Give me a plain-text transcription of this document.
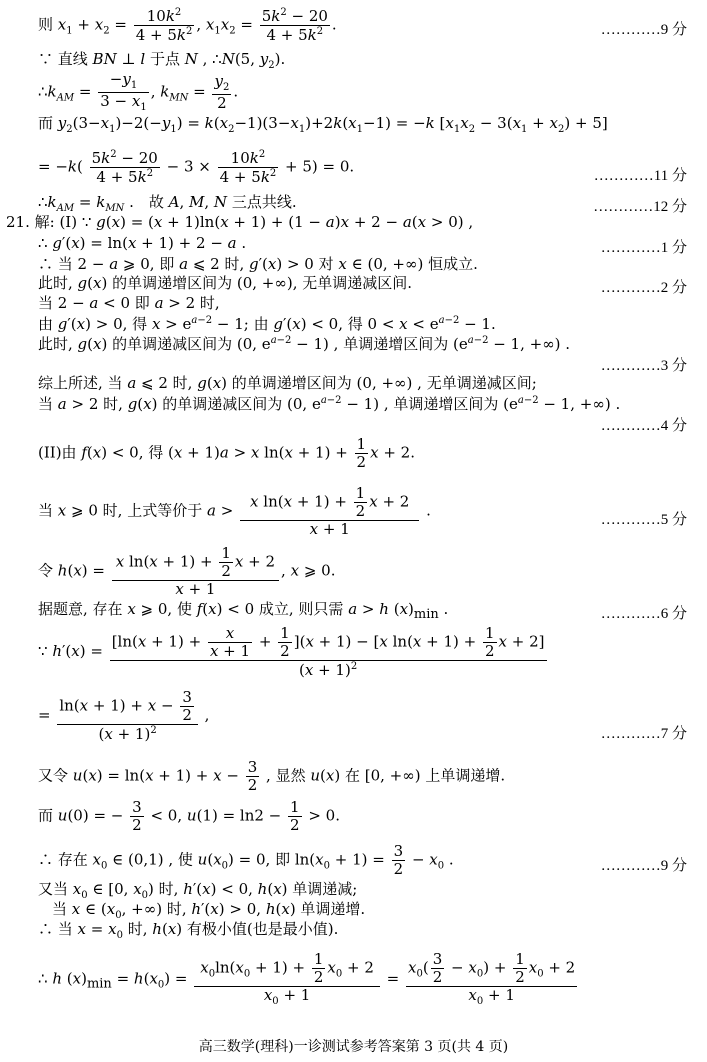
则 $x_1 + x_2 = \frac{10k^2}{4 + 5k^2}$ , $x_1x_2 = \frac{5k^2 - 20}{4 + 5k^2}$ .	…………9 分
∵ 直线 BN ⊥ l 于点 N , ∴N(5, $y_2$).
$\therefore k_{AM} = \frac{-y_1}{3 - x_1}$ , $k_{MN} = \frac{y_2}{2}$ .
而 $y_2(3-x_1)-2(-y_1) = k(x_2-1)(3-x_1)+2k(x_1-1) = -k$ $[x_1x_2 - 3(x_1 + x_2) + 5]$
= $-k( \frac{5k^2 - 20}{4 + 5k^2} - 3 \times \frac{10k^2}{4 + 5k^2} + 5) = 0$.
…………11 分
$\therefore k_{AM} = k_{MN}$ .　故 A, M, N 三点共线.	…………12 分
21. 解: (I) ∵ g(x) = (x + 1)ln(x + 1) + (1 − a)x + 2 − a(x > 0) ,
∴ g′(x) = ln(x + 1) + 2 − a .	…………1 分
∴ 当 2 − a ⩾ 0, 即 a ⩽ 2 时, g′(x) > 0 对 x ∈ (0, +∞) 恒成立.
此时, g(x) 的单调递增区间为 (0, +∞), 无单调递减区间.	…………2 分
当 2 − a < 0 即 a > 2 时,
由 g′(x) > 0, 得 $x > e^{a-2} - 1$; 由 g′(x) < 0, 得 $0 < x < e^{a-2} - 1$.
此时, g(x) 的单调递减区间为 (0, $e^{a-2} - 1$) , 单调递增区间为 ($e^{a-2} - 1$, +∞) .
…………3 分
综上所述, 当 a ⩽ 2 时, g(x) 的单调递增区间为 (0, +∞) , 无单调递减区间;
当 a > 2 时, g(x) 的单调递减区间为 (0, $e^{a-2} - 1$) , 单调递增区间为 ($e^{a-2} - 1$, +∞) .
…………4 分
(II)由 f(x) < 0, 得 (x + 1)a > x $\ln(x + 1) + \frac{1}{2}$ x + 2.
当 x ⩾ 0 时, 上式等价于 $a > \frac{x \ln(x + 1) + \frac{1}{2} x + 2}{x + 1}$ .
…………5 分
令 $h(x) = \frac{x \ln(x + 1) + \frac{1}{2} x + 2}{x + 1}$ , x ⩾ 0.
据题意, 存在 x ⩾ 0, 使 f(x) < 0 成立, 则只需 a > h $(x)_{min}$ .	…………6 分
∵ $h'(x) = \frac{[\ln(x + 1) + \frac{x}{x + 1} + \frac{1}{2} ](x + 1) - [x \ln(x + 1) + \frac{1}{2} x + 2]}{(x + 1)^2}$
= $\frac{\ln(x + 1) + x - \frac{3}{2}}{(x + 1)^2}$ ,
…………7 分
又令 $u(x) = \ln(x + 1) + x - \frac{3}{2}$ , 显然 u(x) 在 [0, +∞) 上单调递增.
而 u(0) = − $\frac{3}{2} < 0$, $u(1) = \ln 2 - \frac{1}{2} > 0$.
∴ 存在 $x_0$ ∈ (0,1) , 使 $u(x_0) = 0$, 即 $\ln(x_0 + 1) = \frac{3}{2} - x_0$ .	…………9 分
又当 $x_0$ ∈ [0, $x_0$) 时, h′(x) < 0, h(x) 单调递减;
当 x ∈ ($x_0$, +∞) 时, h′(x) > 0, h(x) 单调递增.
∴ 当 $x = x_0$ 时, h(x) 有极小值(也是最小值).
∴ h $(x)_{min} = h(x_0) = \frac{x_0\ln(x_0 + 1) + \frac{1}{2} x_0 + 2}{x_0 + 1} = \frac{x_0( \frac{3}{2} - x_0) + \frac{1}{2} x_0 + 2}{x_0 + 1}$
高三数学(理科)一诊测试参考答案第 3 页(共 4 页)
